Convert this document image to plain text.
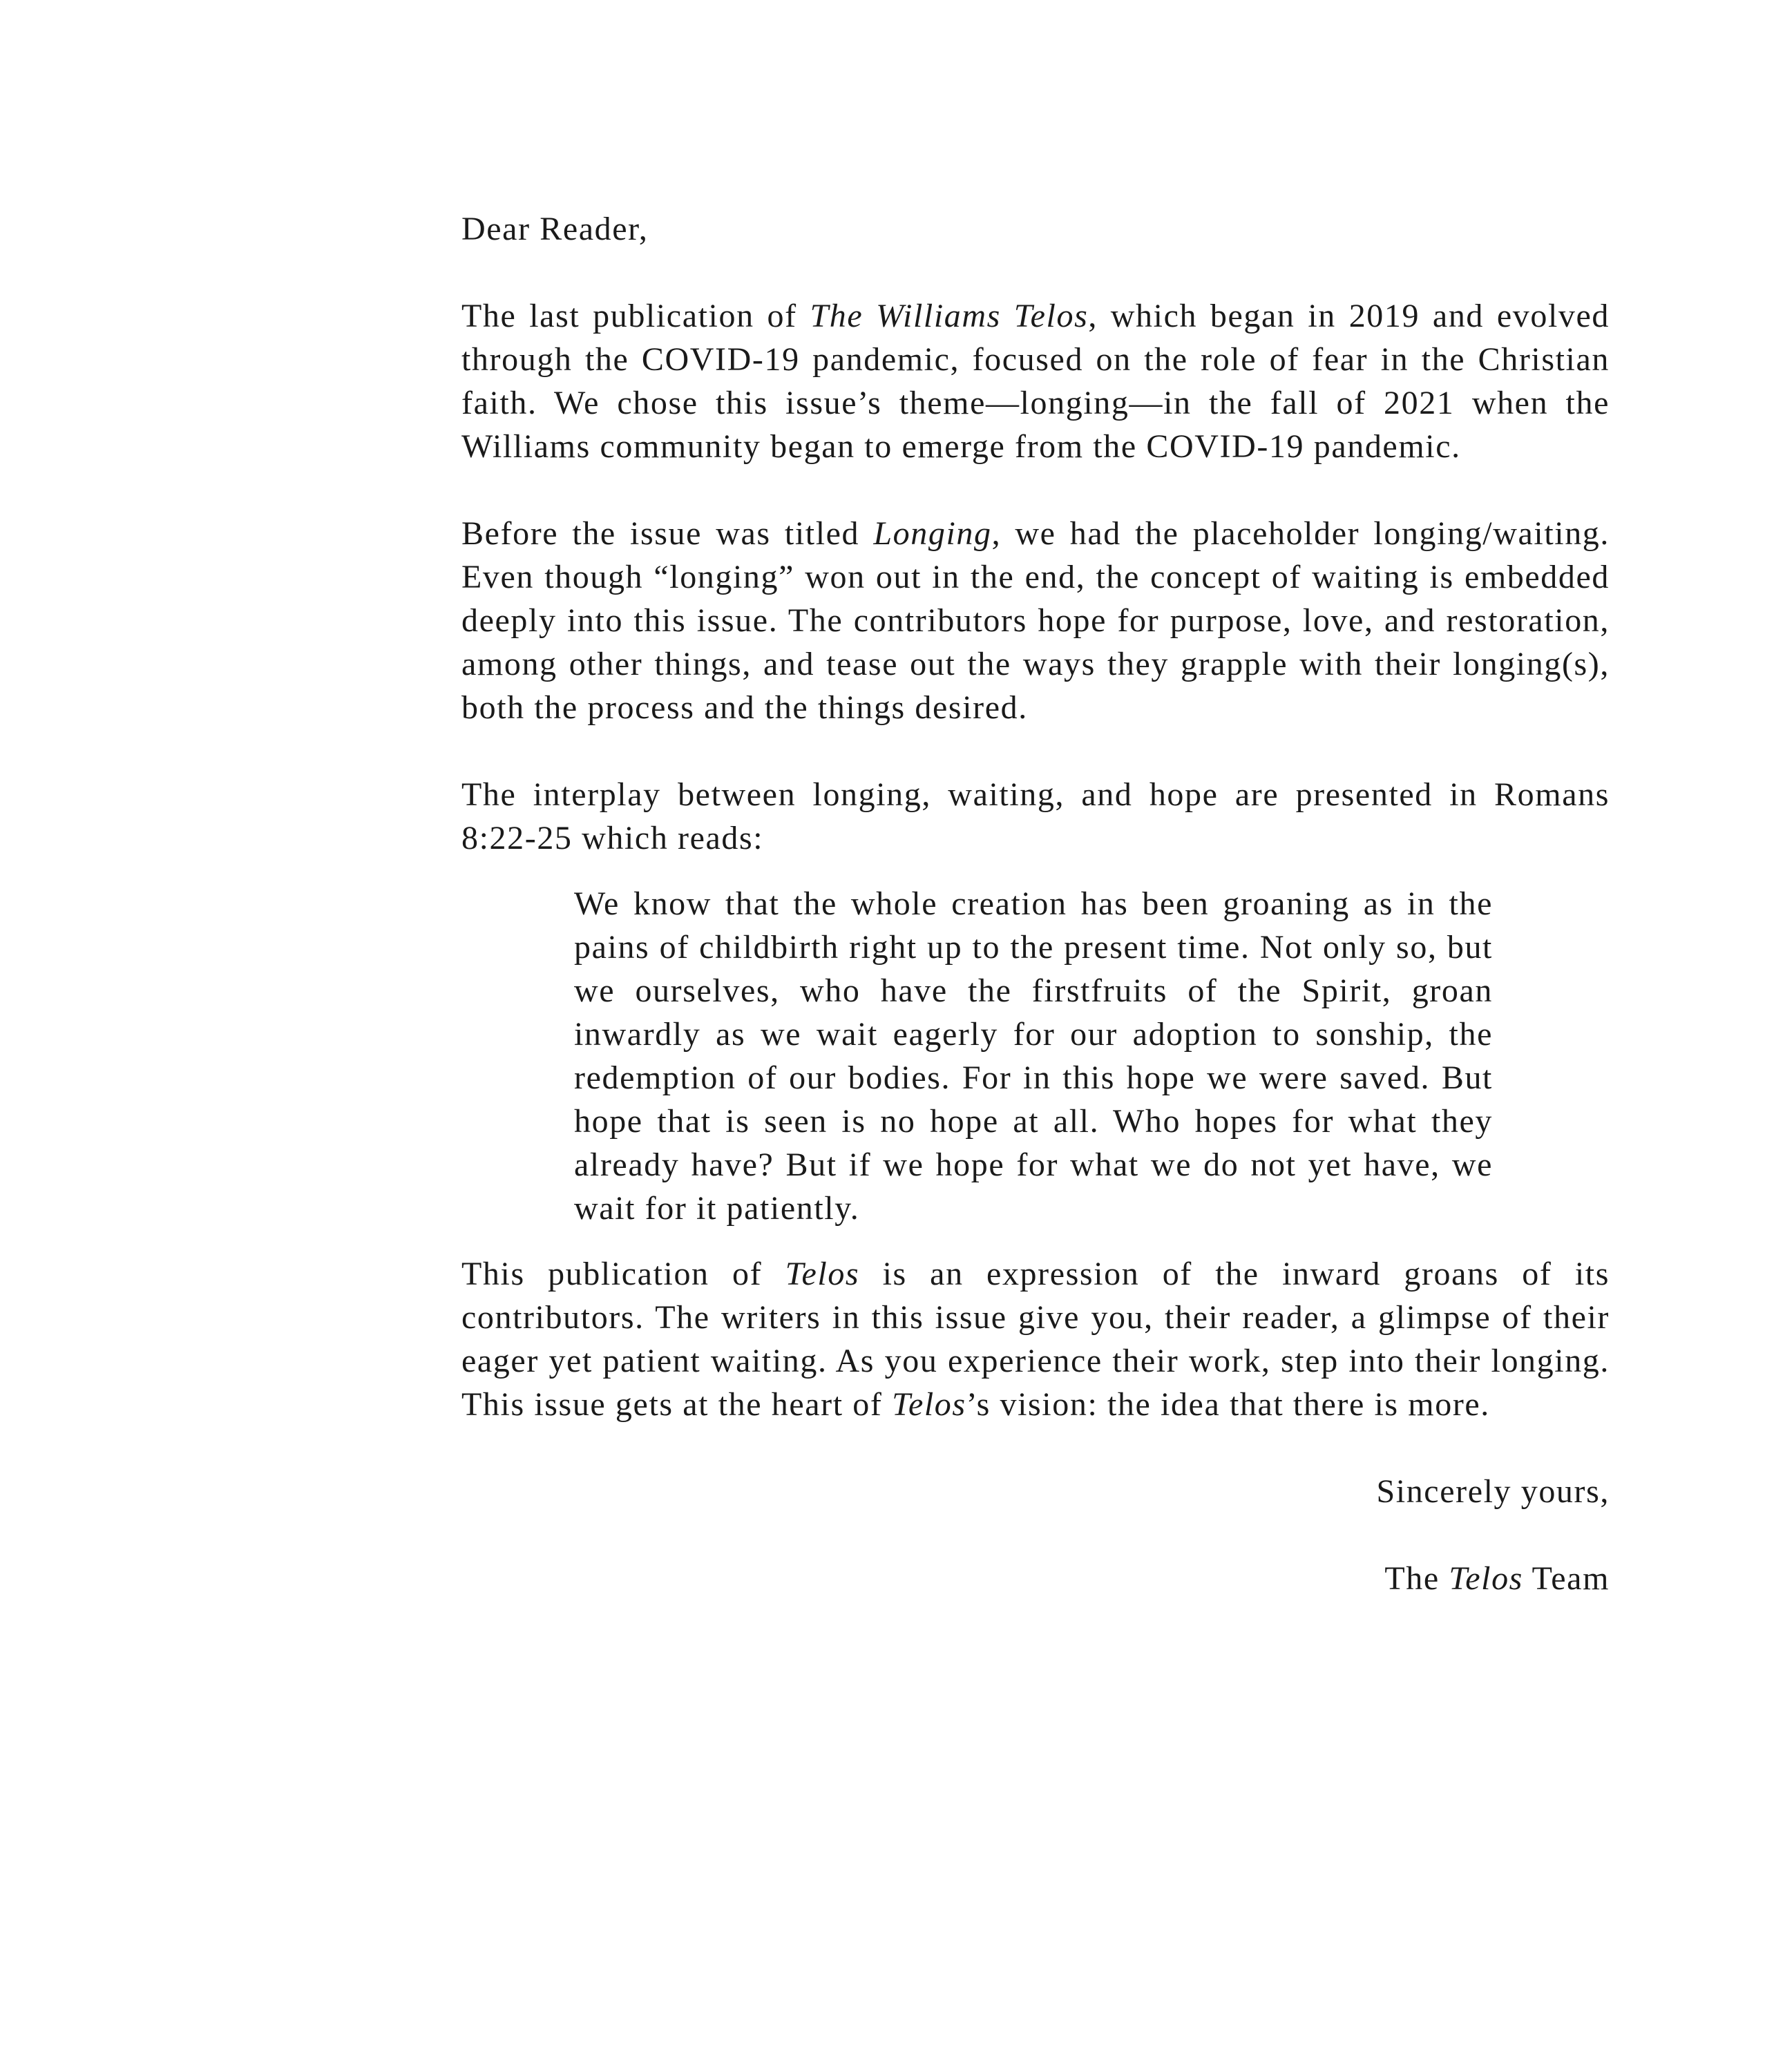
Dear Reader,

The last publication of The Williams Telos, which began in 2019 and evolved through the COVID-19 pandemic, focused on the role of fear in the Christian faith. We chose this issue’s theme—longing—in the fall of 2021 when the Williams community began to emerge from the COVID-19 pandemic.

Before the issue was titled Longing, we had the placeholder longing/waiting. Even though “longing” won out in the end, the concept of waiting is embedded deeply into this issue. The contributors hope for purpose, love, and restoration, among other things, and tease out the ways they grapple with their longing(s), both the process and the things desired.

The interplay between longing, waiting, and hope are presented in Romans 8:22-25 which reads:

We know that the whole creation has been groaning as in the pains of childbirth right up to the present time. Not only so, but we ourselves, who have the firstfruits of the Spirit, groan inwardly as we wait eagerly for our adoption to sonship, the redemption of our bodies. For in this hope we were saved. But hope that is seen is no hope at all. Who hopes for what they already have? But if we hope for what we do not yet have, we wait for it patiently.

This publication of Telos is an expression of the inward groans of its contributors. The writers in this issue give you, their reader, a glimpse of their eager yet patient waiting. As you experience their work, step into their longing. This issue gets at the heart of Telos’s vision: the idea that there is more.

Sincerely yours,

The Telos Team
